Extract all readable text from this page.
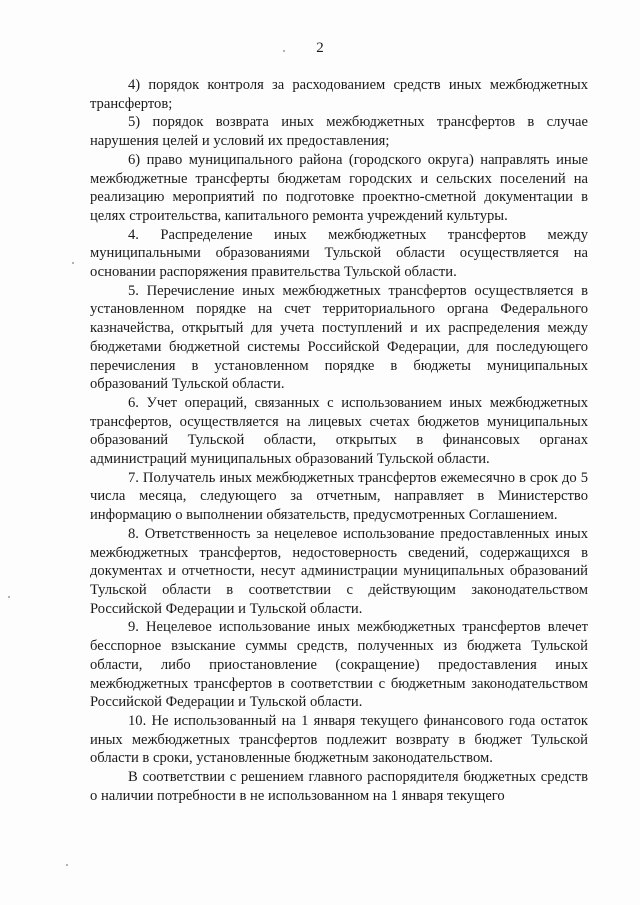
2

4) порядок контроля за расходованием средств иных межбюджетных трансфертов;

5) порядок возврата иных межбюджетных трансфертов в случае нарушения целей и условий их предоставления;

6) право муниципального района (городского округа) направлять иные межбюджетные трансферты бюджетам городских и сельских поселений на реализацию мероприятий по подготовке проектно-сметной документации в целях строительства, капитального ремонта учреждений культуры.

4. Распределение иных межбюджетных трансфертов между муниципальными образованиями Тульской области осуществляется на основании распоряжения правительства Тульской области.

5. Перечисление иных межбюджетных трансфертов осуществляется в установленном порядке на счет территориального органа Федерального казначейства, открытый для учета поступлений и их распределения между бюджетами бюджетной системы Российской Федерации, для последующего перечисления в установленном порядке в бюджеты муниципальных образований Тульской области.

6. Учет операций, связанных с использованием иных межбюджетных трансфертов, осуществляется на лицевых счетах бюджетов муниципальных образований Тульской области, открытых в финансовых органах администраций муниципальных образований Тульской области.

7. Получатель иных межбюджетных трансфертов ежемесячно в срок до 5 числа месяца, следующего за отчетным, направляет в Министерство информацию о выполнении обязательств, предусмотренных Соглашением.

8. Ответственность за нецелевое использование предоставленных иных межбюджетных трансфертов, недостоверность сведений, содержащихся в документах и отчетности, несут администрации муниципальных образований Тульской области в соответствии с действующим законодательством Российской Федерации и Тульской области.

9. Нецелевое использование иных межбюджетных трансфертов влечет бесспорное взыскание суммы средств, полученных из бюджета Тульской области, либо приостановление (сокращение) предоставления иных межбюджетных трансфертов в соответствии с бюджетным законодательством Российской Федерации и Тульской области.

10. Не использованный на 1 января текущего финансового года остаток иных межбюджетных трансфертов подлежит возврату в бюджет Тульской области в сроки, установленные бюджетным законодательством.

В соответствии с решением главного распорядителя бюджетных средств о наличии потребности в не использованном на 1 января текущего
